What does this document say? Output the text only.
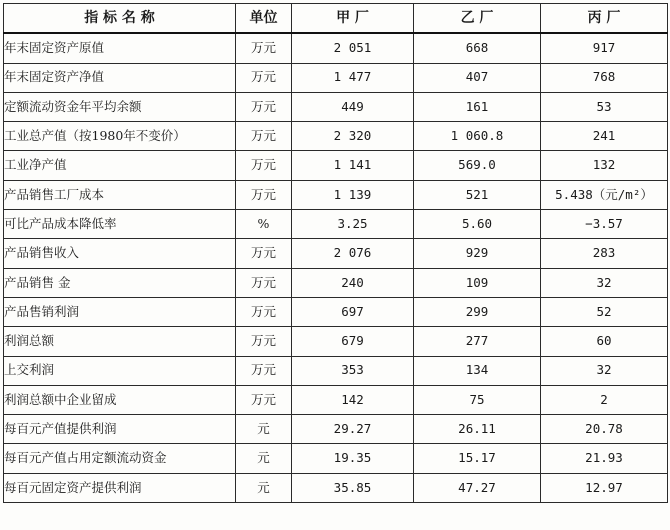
指 标 名 称	单位	甲 厂	乙 厂	丙 厂
年末固定资产原值	万元	2 051	668	917
年末固定资产净值	万元	1 477	407	768
定额流动资金年平均余额	万元	449	161	53
工业总产值（按1980年不变价）	万元	2 320	1 060.8	241
工业净产值	万元	1 141	569.0	132
产品销售工厂成本	万元	1 139	521	5.438（元/m²）
可比产品成本降低率	%	3.25	5.60	−3.57
产品销售收入	万元	2 076	929	283
产品销售 金	万元	240	109	32
产品售销利润	万元	697	299	52
利润总额	万元	679	277	60
上交利润	万元	353	134	32
利润总额中企业留成	万元	142	75	2
每百元产值提供利润	元	29.27	26.11	20.78
每百元产值占用定额流动资金	元	19.35	15.17	21.93
每百元固定资产提供利润	元	35.85	47.27	12.97
